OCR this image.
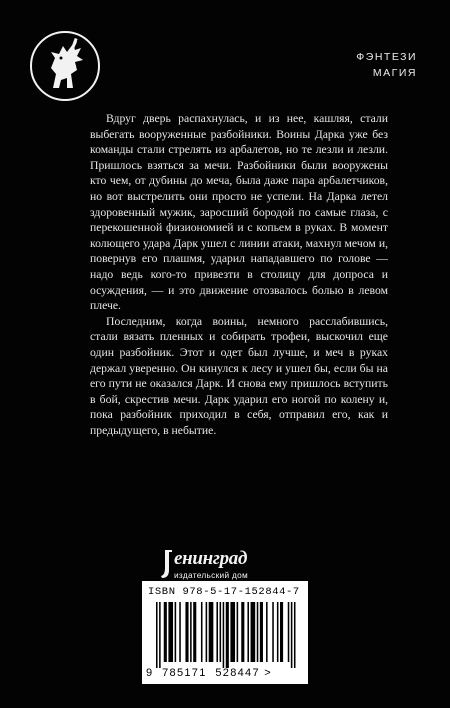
ФЭНТЕЗИ
МАГИЯ

Вдруг дверь распахнулась, и из нее, кашляя, стали выбегать вооруженные разбойники. Воины Дарка уже без команды стали стрелять из арбалетов, но те лезли и лезли. Пришлось взяться за мечи. Разбойники были вооружены кто чем, от дубины до меча, была даже пара арбалетчиков, но вот выстрелить они просто не успели. На Дарка летел здоровенный мужик, заросший бородой по самые глаза, с перекошенной физиономией и с копьем в руках. В момент колющего удара Дарк ушел с линии атаки, махнул мечом и, повернув его плашмя, ударил нападавшего по голове — надо ведь кого-то привезти в столицу для допроса и осуждения, — и это движение отозвалось болью в левом плече.

Последним, когда воины, немного расслабившись, стали вязать пленных и собирать трофеи, выскочил еще один разбойник. Этот и одет был лучше, и меч в руках держал уверенно. Он кинулся к лесу и ушел бы, если бы на его пути не оказался Дарк. И снова ему пришлось вступить в бой, скрестив мечи. Дарк ударил его ногой по колену и, пока разбойник приходил в себя, отправил его, как и предыдущего, в небытие.

енинград
издательский дом
ISBN 978-5-17-152844-7
9 785171 528447 >
